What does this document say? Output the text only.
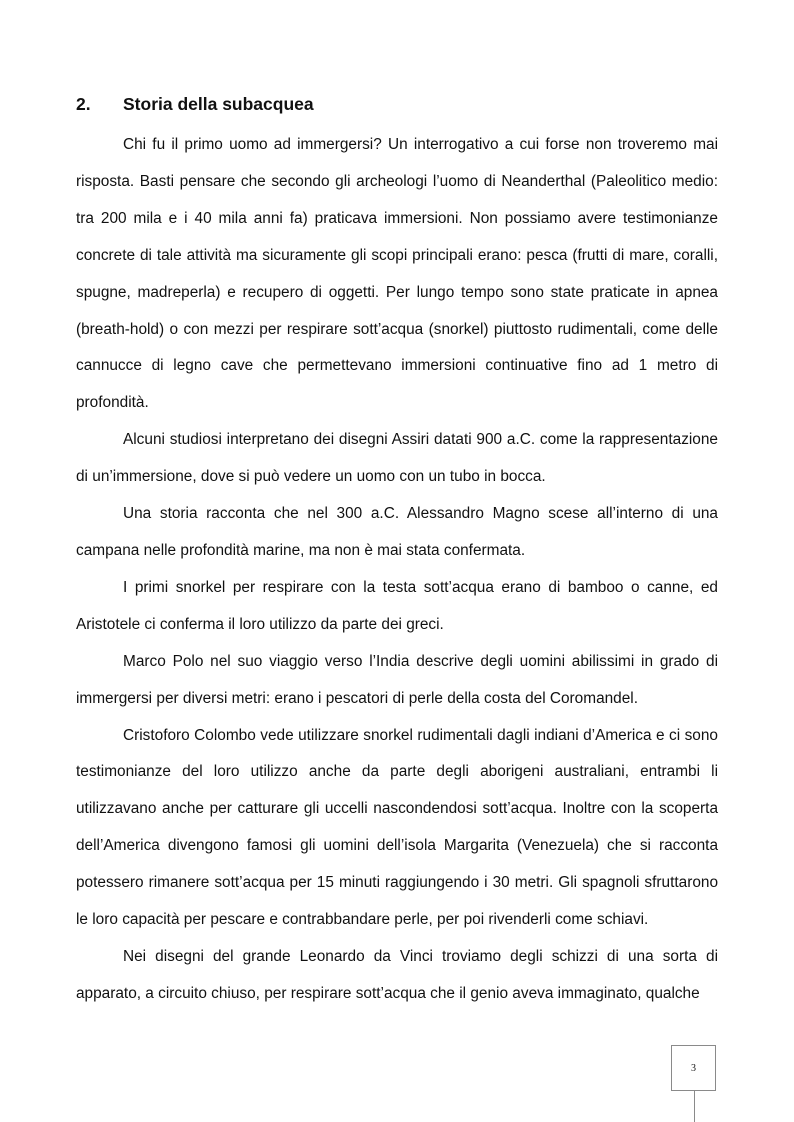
2. Storia della subacquea

Chi fu il primo uomo ad immergersi? Un interrogativo a cui forse non troveremo mai risposta. Basti pensare che secondo gli archeologi l’uomo di Neanderthal (Paleolitico medio: tra 200 mila e i 40 mila anni fa) praticava immersioni. Non possiamo avere testimonianze concrete di tale attività ma sicuramente gli scopi principali erano: pesca (frutti di mare, coralli, spugne, madreperla) e recupero di oggetti. Per lungo tempo sono state praticate in apnea (breath-hold) o con mezzi per respirare sott’acqua (snorkel) piuttosto rudimentali, come delle cannucce di legno cave che permettevano immersioni continuative fino ad 1 metro di profondità.

Alcuni studiosi interpretano dei disegni Assiri datati 900 a.C. come la rappresentazione di un’immersione, dove si può vedere un uomo con un tubo in bocca.

Una storia racconta che nel 300 a.C. Alessandro Magno scese all’interno di una campana nelle profondità marine, ma non è mai stata confermata.

I primi snorkel per respirare con la testa sott’acqua erano di bamboo o canne, ed Aristotele ci conferma il loro utilizzo da parte dei greci.

Marco Polo nel suo viaggio verso l’India descrive degli uomini abilissimi in grado di immergersi per diversi metri: erano i pescatori di perle della costa del Coromandel.

Cristoforo Colombo vede utilizzare snorkel rudimentali dagli indiani d’America e ci sono testimonianze del loro utilizzo anche da parte degli aborigeni australiani, entrambi li utilizzavano anche per catturare gli uccelli nascondendosi sott’acqua. Inoltre con la scoperta dell’America divengono famosi gli uomini dell’isola Margarita (Venezuela) che si racconta potessero rimanere sott’acqua per 15 minuti raggiungendo i 30 metri. Gli spagnoli sfruttarono le loro capacità per pescare e contrabbandare perle, per poi rivenderli come schiavi.

Nei disegni del grande Leonardo da Vinci troviamo degli schizzi di una sorta di apparato, a circuito chiuso, per respirare sott’acqua che il genio aveva immaginato, qualche

3
